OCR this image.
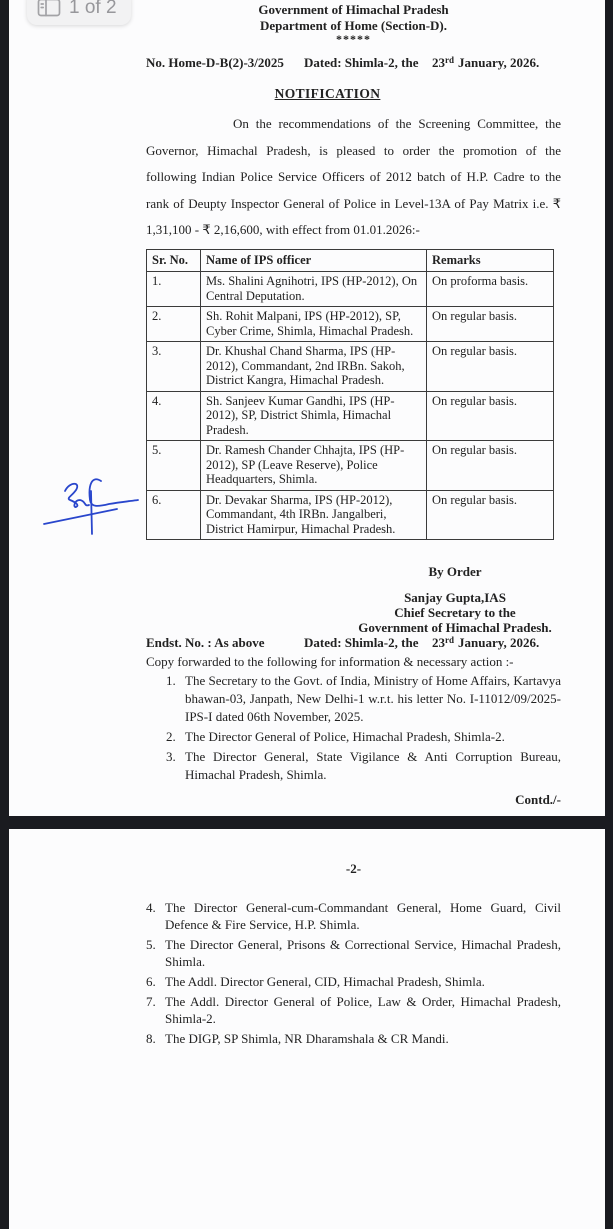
Government of Himachal Pradesh
Department of Home (Section-D).
*****
No. Home-D-B(2)-3/2025	Dated: Shimla-2, the	23rd January, 2026.
NOTIFICATION

On the recommendations of the Screening Committee, the Governor, Himachal Pradesh, is pleased to order the promotion of the following Indian Police Service Officers of 2012 batch of H.P. Cadre to the rank of Deupty Inspector General of Police in Level-13A of Pay Matrix i.e. ₹ 1,31,100 - ₹ 2,16,600, with effect from 01.01.2026:-

Sr. No.	Name of IPS officer	Remarks
1.	Ms. Shalini Agnihotri, IPS (HP-2012), On Central Deputation.	On proforma basis.
2.	Sh. Rohit Malpani, IPS (HP-2012), SP, Cyber Crime, Shimla, Himachal Pradesh.	On regular basis.
3.	Dr. Khushal Chand Sharma, IPS (HP-2012), Commandant, 2nd IRBn. Sakoh, District Kangra, Himachal Pradesh.	On regular basis.
4.	Sh. Sanjeev Kumar Gandhi, IPS (HP-2012), SP, District Shimla, Himachal Pradesh.	On regular basis.
5.	Dr. Ramesh Chander Chhajta, IPS (HP-2012), SP (Leave Reserve), Police Headquarters, Shimla.	On regular basis.
6.	Dr. Devakar Sharma, IPS (HP-2012), Commandant, 4th IRBn. Jangalberi, District Hamirpur, Himachal Pradesh.	On regular basis.
By Order
Sanjay Gupta,IAS
Chief Secretary to the
Government of Himachal Pradesh.
Endst. No. : As above	Dated: Shimla-2, the	23rd January, 2026.
Copy forwarded to the following for information & necessary action :-
1. The Secretary to the Govt. of India, Ministry of Home Affairs, Kartavya bhawan-03, Janpath, New Delhi-1 w.r.t. his letter No. I-11012/09/2025-IPS-I dated 06th November, 2025.
2. The Director General of Police, Himachal Pradesh, Shimla-2.
3. The Director General, State Vigilance & Anti Corruption Bureau, Himachal Pradesh, Shimla.
Contd./-
-2-
4. The Director General-cum-Commandant General, Home Guard, Civil Defence & Fire Service, H.P. Shimla.
5. The Director General, Prisons & Correctional Service, Himachal Pradesh, Shimla.
6. The Addl. Director General, CID, Himachal Pradesh, Shimla.
7. The Addl. Director General of Police, Law & Order, Himachal Pradesh, Shimla-2.
8. The DIGP, SP Shimla, NR Dharamshala & CR Mandi.
1 of 2
